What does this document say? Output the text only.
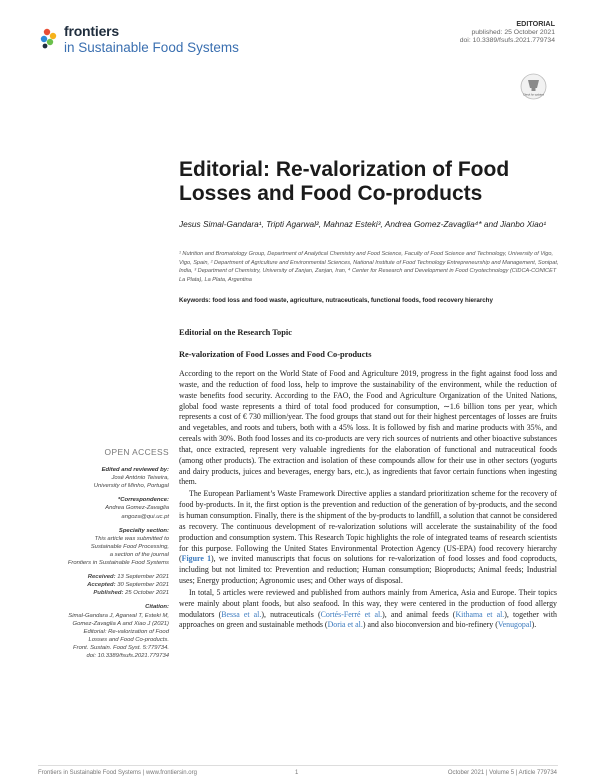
frontiers
in Sustainable Food Systems
EDITORIAL
published: 25 October 2021
doi: 10.3389/fsufs.2021.779734
Check for updates
Editorial: Re-valorization of Food Losses and Food Co-products
Jesus Simal-Gandara¹, Tripti Agarwal², Mahnaz Esteki³, Andrea Gomez-Zavaglia⁴* and Jianbo Xiao¹
¹ Nutrition and Bromatology Group, Department of Analytical Chemistry and Food Science, Faculty of Food Science and Technology, University of Vigo, Vigo, Spain, ² Department of Agriculture and Environmental Sciences, National Institute of Food Technology Entrepreneurship and Management, Sonipat, India, ³ Department of Chemistry, University of Zanjan, Zanjan, Iran, ⁴ Center for Research and Development in Food Cryotechnology (CIDCA-CONICET La Plata), La Plata, Argentina
Keywords: food loss and food waste, agriculture, nutraceuticals, functional foods, food recovery hierarchy
Editorial on the Research Topic
Re-valorization of Food Losses and Food Co-products

According to the report on the World State of Food and Agriculture 2019, progress in the fight against food loss and waste, and the reduction of food loss, help to improve the sustainability of the environment, while the reduction of waste benefits food security. According to the FAO, the Food and Agriculture Organization of the United Nations, global food waste represents a third of total food produced for consumption, ∼1.6 billion tons per year, which represents a cost of € 730 million/year. The food groups that stand out for their highest percentages of losses are fruits and vegetables, and roots and tubers, both with a 45% loss. It is followed by fish and marine products with 35%, and cereals with 30%. Both food losses and its co-products are very rich sources of nutrients and other bioactive substances that, once extracted, represent very valuable ingredients for the elaboration of functional and nutraceutical foods (among other products). The extraction and isolation of these compounds allow for their use in other sectors (yogurts and dairy products, juices and beverages, energy bars, etc.), as ingredients that favor certain functions when ingesting them.

The European Parliament’s Waste Framework Directive applies a standard prioritization scheme for the recovery of food by-products. In it, the first option is the prevention and reduction of the generation of by-products, and the second is human consumption. Finally, there is the shipment of the by-products to landfill, a solution that cannot be considered as recovery. The continuous development of re-valorization solutions will accelerate the sustainability of the food production and consumption system. This Research Topic highlights the role of integrated teams of research scientists for this purpose. Following the United States Environmental Protection Agency (US-EPA) food recovery hierarchy (Figure 1), we invited manuscripts that focus on solutions for re-valorization of food losses and food coproducts, including but not limited to: Prevention and reduction; Human consumption; Bioproducts; Animal feeds; Industrial uses; Energy production; Agronomic uses; and Other ways of disposal.

In total, 5 articles were reviewed and published from authors mainly from America, Asia and Europe. Their topics were mainly about plant foods, but also seafood. In this way, they were centered in the production of food allergy modulators (Bessa et al.), nutraceuticals (Cortés-Ferré et al.), and animal feeds (Kithama et al.), together with approaches on green and sustainable methods (Doria et al.) and also bioconversion and bio-refinery (Venugopal).

OPEN ACCESS
Edited and reviewed by:
José António Teixeira,
University of Minho, Portugal
*Correspondence:
Andrea Gomez-Zavaglia
angoza@qui.uc.pt
Specialty section:
This article was submitted to
Sustainable Food Processing,
a section of the journal
Frontiers in Sustainable Food Systems
Received: 13 September 2021
Accepted: 30 September 2021
Published: 25 October 2021
Citation:
Simal-Gandara J, Agarwal T, Esteki M,
Gomez-Zavaglia A and Xiao J (2021)
Editorial: Re-valorization of Food
Losses and Food Co-products.
Front. Sustain. Food Syst. 5:779734.
doi: 10.3389/fsufs.2021.779734
Frontiers in Sustainable Food Systems | www.frontiersin.org	1	October 2021 | Volume 5 | Article 779734
